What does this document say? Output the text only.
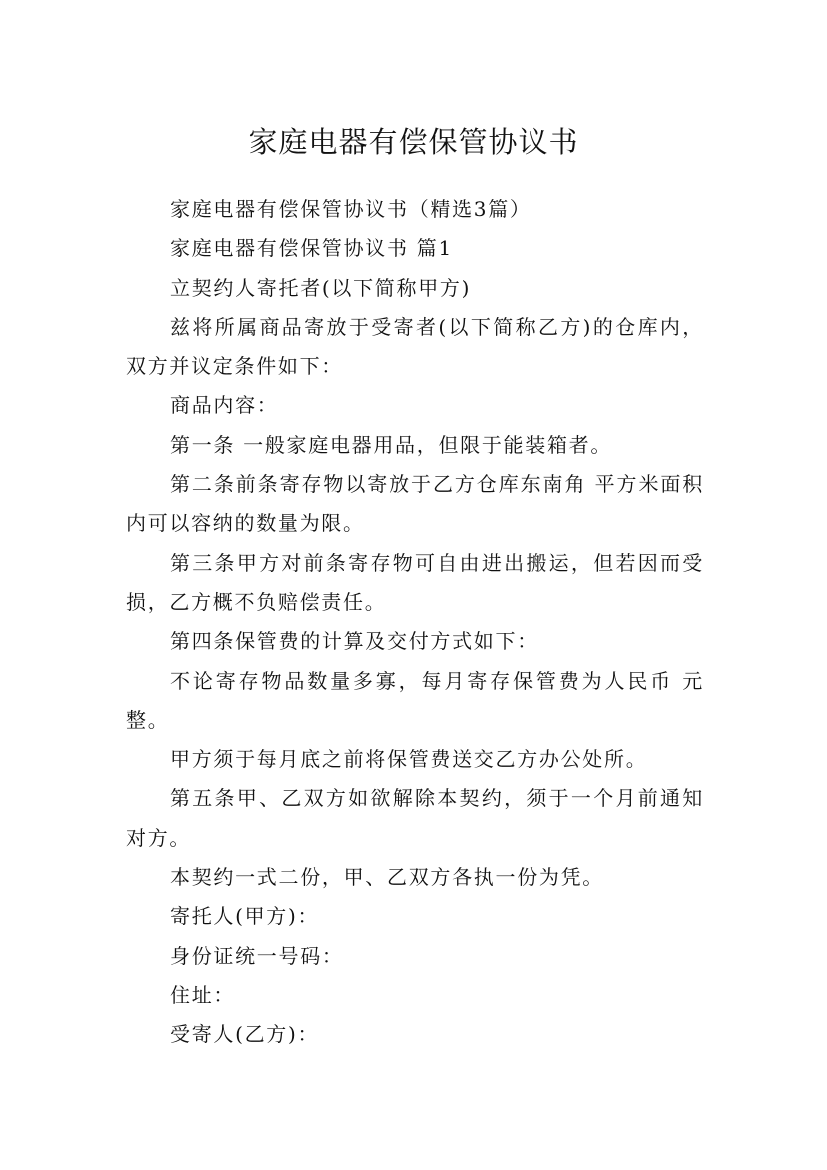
家庭电器有偿保管协议书

家庭电器有偿保管协议书（精选3篇）

家庭电器有偿保管协议书 篇1

立契约人寄托者(以下简称甲方)

兹将所属商品寄放于受寄者(以下简称乙方)的仓库内，双方并议定条件如下：

商品内容：

第一条 一般家庭电器用品，但限于能装箱者。

第二条前条寄存物以寄放于乙方仓库东南角 平方米面积内可以容纳的数量为限。

第三条甲方对前条寄存物可自由进出搬运，但若因而受损，乙方概不负赔偿责任。

第四条保管费的计算及交付方式如下：

不论寄存物品数量多寡，每月寄存保管费为人民币 元整。

甲方须于每月底之前将保管费送交乙方办公处所。

第五条甲、乙双方如欲解除本契约，须于一个月前通知对方。

本契约一式二份，甲、乙双方各执一份为凭。

寄托人(甲方)：

身份证统一号码：

住址：

受寄人(乙方)：
